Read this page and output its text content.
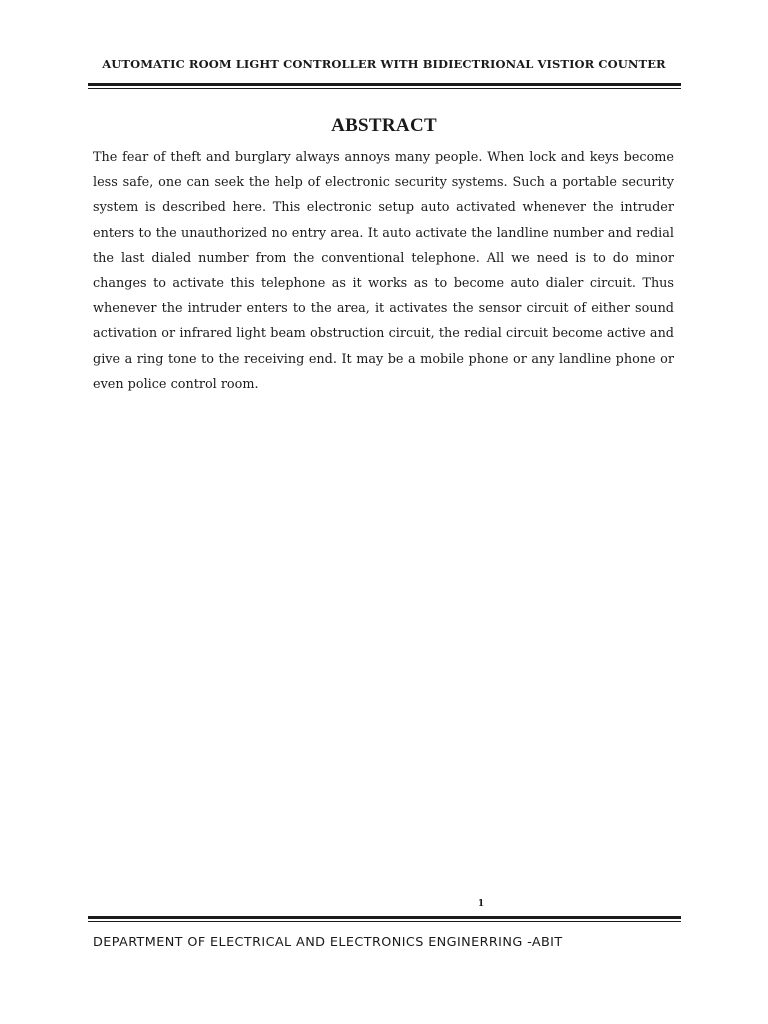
AUTOMATIC ROOM LIGHT CONTROLLER WITH BIDIECTRIONAL VISTIOR COUNTER
ABSTRACT

The fear of theft and burglary always annoys many people. When lock and keys become less safe, one can seek the help of electronic security systems. Such a portable security system is described here. This electronic setup auto activated whenever the intruder enters to the unauthorized no entry area. It auto activate the landline number and redial the last dialed number from the conventional telephone. All we need is to do minor changes to activate this telephone as it works as to become auto dialer circuit. Thus whenever the intruder enters to the area, it activates the sensor circuit of either sound activation or infrared light beam obstruction circuit, the redial circuit become active and give a ring tone to the receiving end. It may be a mobile phone or any landline phone or even police control room.

1
DEPARTMENT OF ELECTRICAL AND ELECTRONICS ENGINERRING -ABIT
